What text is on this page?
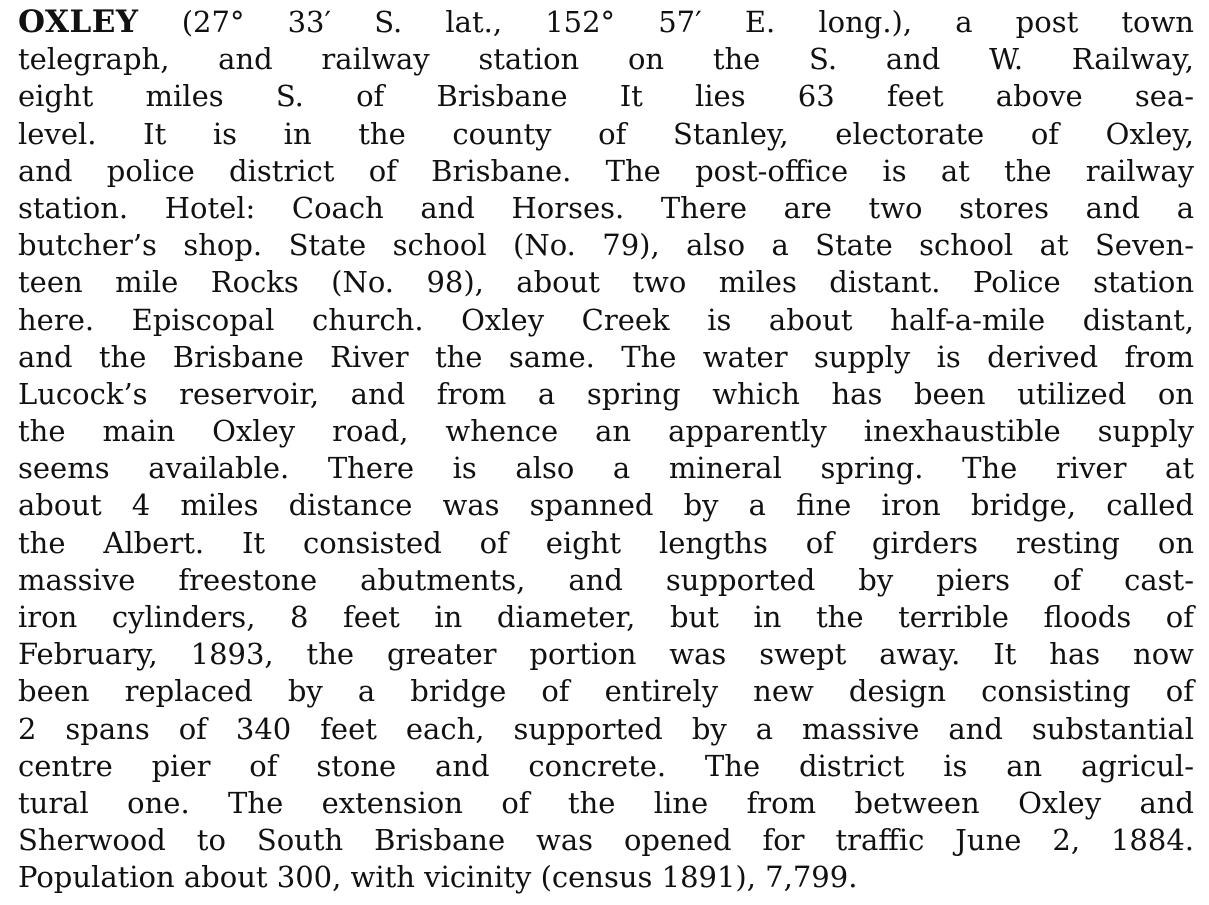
OXLEY (27° 33′ S. lat., 152° 57′ E. long.), a post town
telegraph, and railway station on the S. and W. Railway,
eight miles S. of Brisbane It lies 63 feet above sea-
level. It is in the county of Stanley, electorate of Oxley,
and police district of Brisbane. The post-office is at the railway
station. Hotel: Coach and Horses. There are two stores and a
butcher’s shop. State school (No. 79), also a State school at Seven-
teen mile Rocks (No. 98), about two miles distant. Police station
here. Episcopal church. Oxley Creek is about half-a-mile distant,
and the Brisbane River the same. The water supply is derived from
Lucock’s reservoir, and from a spring which has been utilized on
the main Oxley road, whence an apparently inexhaustible supply
seems available. There is also a mineral spring. The river at
about 4 miles distance was spanned by a fine iron bridge, called
the Albert. It consisted of eight lengths of girders resting on
massive freestone abutments, and supported by piers of cast-
iron cylinders, 8 feet in diameter, but in the terrible floods of
February, 1893, the greater portion was swept away. It has now
been replaced by a bridge of entirely new design consisting of
2 spans of 340 feet each, supported by a massive and substantial
centre pier of stone and concrete. The district is an agricul-
tural one. The extension of the line from between Oxley and
Sherwood to South Brisbane was opened for traffic June 2, 1884.
Population about 300, with vicinity (census 1891), 7,799.
